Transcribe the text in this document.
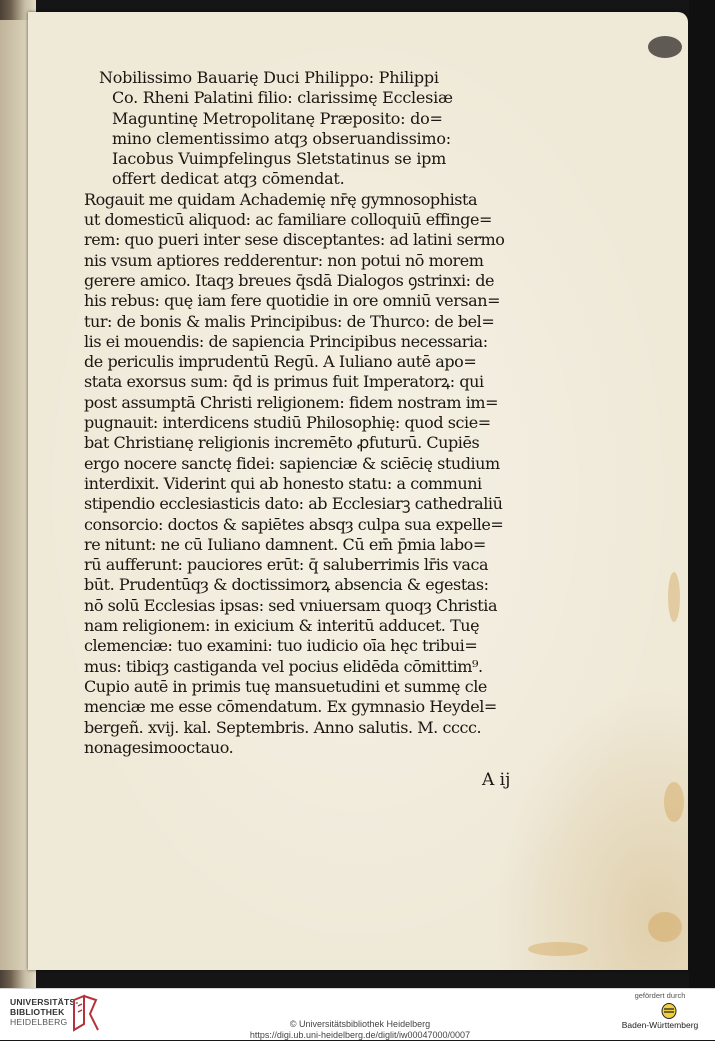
Nobilissimo Bauarię Duci Philippo: Philippi
Co. Rheni Palatini filio: clarissimę Ecclesiæ
Maguntinę Metropolitanę Præposito: do=
mino clementissimo atqȝ obseruandissimo:
Iacobus Vuimpfelingus Sletstatinus se ipm
offert dedicat atqȝ cōmendat.
Rogauit me quidam Achademię nr̄ę gymnosophista
ut domesticū aliquod: ac familiare colloquiū effinge=
rem: quo pueri inter sese disceptantes: ad latini sermo
nis vsum aptiores redderentur: non potui nō morem
gerere amico. Itaqȝ breues q̄sdā Dialogos ꝯstrinxi: de
his rebus: quę iam fere quotidie in ore omniū versan=
tur: de bonis & malis Principibus: de Thurco: de bel=
lis ei mouendis: de sapiencia Principibus necessaria:
de periculis imprudentū Regū. A Iuliano autē apo=
stata exorsus sum: q̄d is primus fuit Imperatorꝝ: qui
post assumptā Christi religionem: fidem nostram im=
pugnauit: interdicens studiū Philosophię: quod scie=
bat Christianę religionis incremēto ꝓfuturū. Cupiēs
ergo nocere sanctę fidei: sapienciæ & sciēcię studium
interdixit. Viderint qui ab honesto statu: a communi
stipendio ecclesiasticis dato: ab Ecclesiarꝫ cathedraliū
consorcio: doctos & sapiētes absqȝ culpa sua expelle=
re nitunt: ne cū Iuliano damnent. Cū em̄ p̄mia labo=
rū aufferunt: pauciores erūt: q̄ saluberrimis lr̄is vaca
būt. Prudentūqȝ & doctissimorꝝ absencia & egestas:
nō solū Ecclesias ipsas: sed vniuersam quoqȝ Christia
nam religionem: in exicium & interitū adducet. Tuę
clemenciæ: tuo examini: tuo iudicio oīa hęc tribui=
mus: tibiqȝ castiganda vel pocius elidēda cōmittim⁹.
Cupio autē in primis tuę mansuetudini et summę cle
menciæ me esse cōmendatum. Ex gymnasio Heydel=
bergeñ. xvij. kal. Septembris. Anno salutis. M. cccc.
nonagesimooctauo.
A ij
UNIVERSITÄTS-
BIBLIOTHEK
HEIDELBERG	© Universitätsbibliothek Heidelberg
https://digi.ub.uni-heidelberg.de/diglit/iw00047000/0007
gefördert durch
Baden-Württemberg
